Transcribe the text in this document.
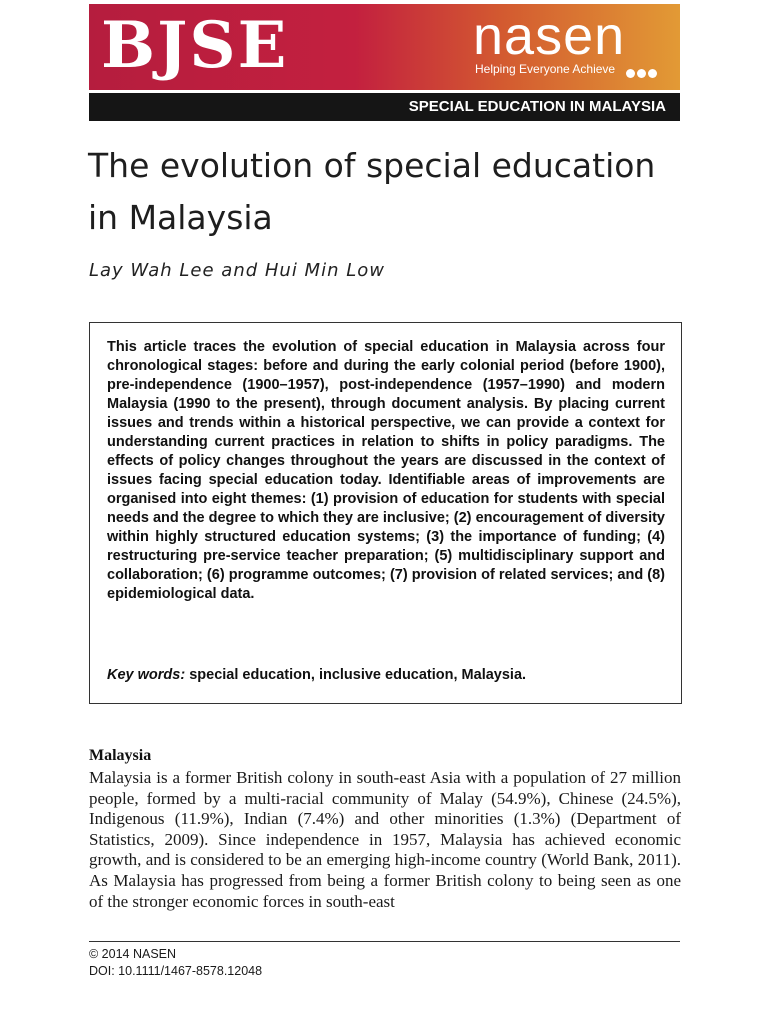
BJSE	nasen
Helping Everyone Achieve
SPECIAL EDUCATION IN MALAYSIA
The evolution of special education in Malaysia
Lay Wah Lee and Hui Min Low

This article traces the evolution of special education in Malaysia across four chronological stages: before and during the early colonial period (before 1900), pre-independence (1900–1957), post-independence (1957–1990) and modern Malaysia (1990 to the present), through document analysis. By placing current issues and trends within a historical perspective, we can provide a context for understanding current practices in relation to shifts in policy paradigms. The effects of policy changes throughout the years are discussed in the context of issues facing special education today. Identifiable areas of improvements are organised into eight themes: (1) provision of education for students with special needs and the degree to which they are inclusive; (2) encouragement of diversity within highly structured education systems; (3) the importance of funding; (4) restructuring pre-service teacher preparation; (5) multidisciplinary support and collaboration; (6) programme outcomes; (7) provision of related services; and (8) epidemiological data.

Key words: special education, inclusive education, Malaysia.

Malaysia

Malaysia is a former British colony in south-east Asia with a population of 27 million people, formed by a multi-racial community of Malay (54.9%), Chinese (24.5%), Indigenous (11.9%), Indian (7.4%) and other minorities (1.3%) (Department of Statistics, 2009). Since independence in 1957, Malaysia has achieved economic growth, and is considered to be an emerging high-income country (World Bank, 2011). As Malaysia has progressed from being a former British colony to being seen as one of the stronger economic forces in south-east

© 2014 NASEN
DOI: 10.1111/1467-8578.12048
